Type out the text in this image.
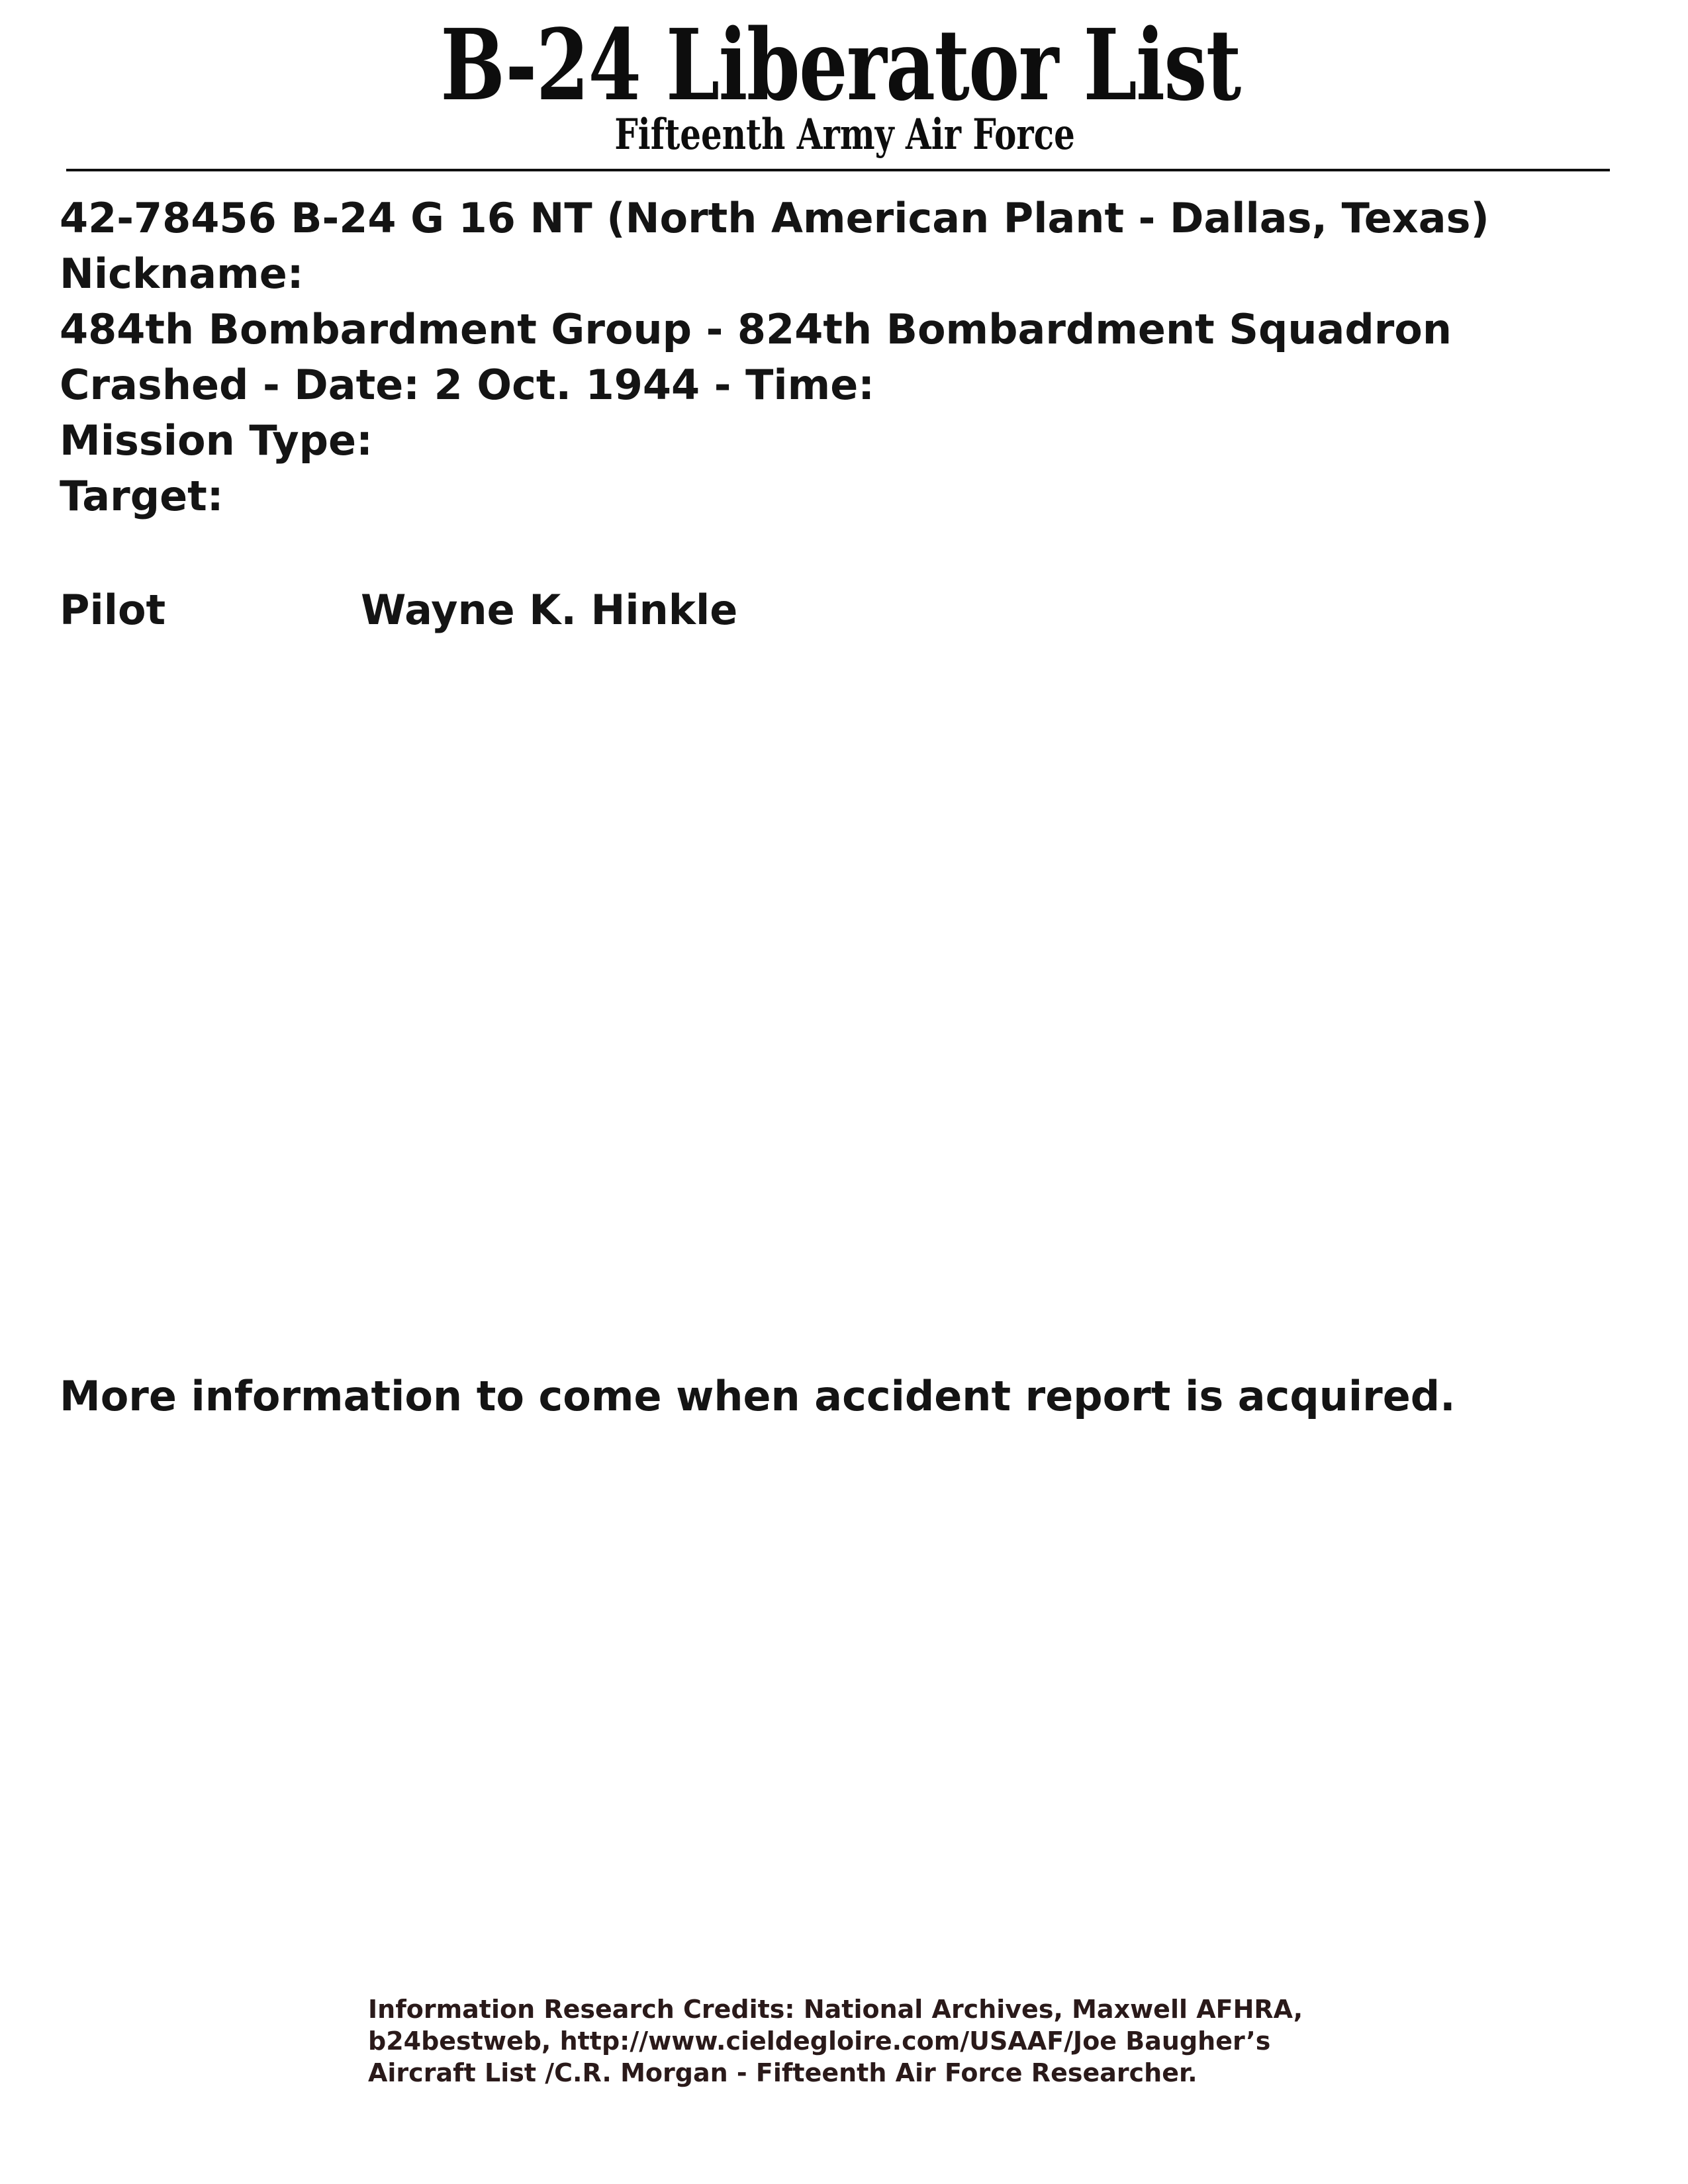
B-24 Liberator List
Fifteenth Army Air Force
42-78456 B-24 G 16 NT (North American Plant - Dallas, Texas)
Nickname:
484th Bombardment Group - 824th Bombardment Squadron
Crashed - Date: 2 Oct. 1944 - Time:
Mission Type:
Target:
Pilot	Wayne K. Hinkle
More information to come when accident report is acquired.
Information Research Credits: National Archives, Maxwell AFHRA,
b24bestweb, http://www.cieldegloire.com/USAAF/Joe Baugher’s
Aircraft List /C.R. Morgan - Fifteenth Air Force Researcher.
